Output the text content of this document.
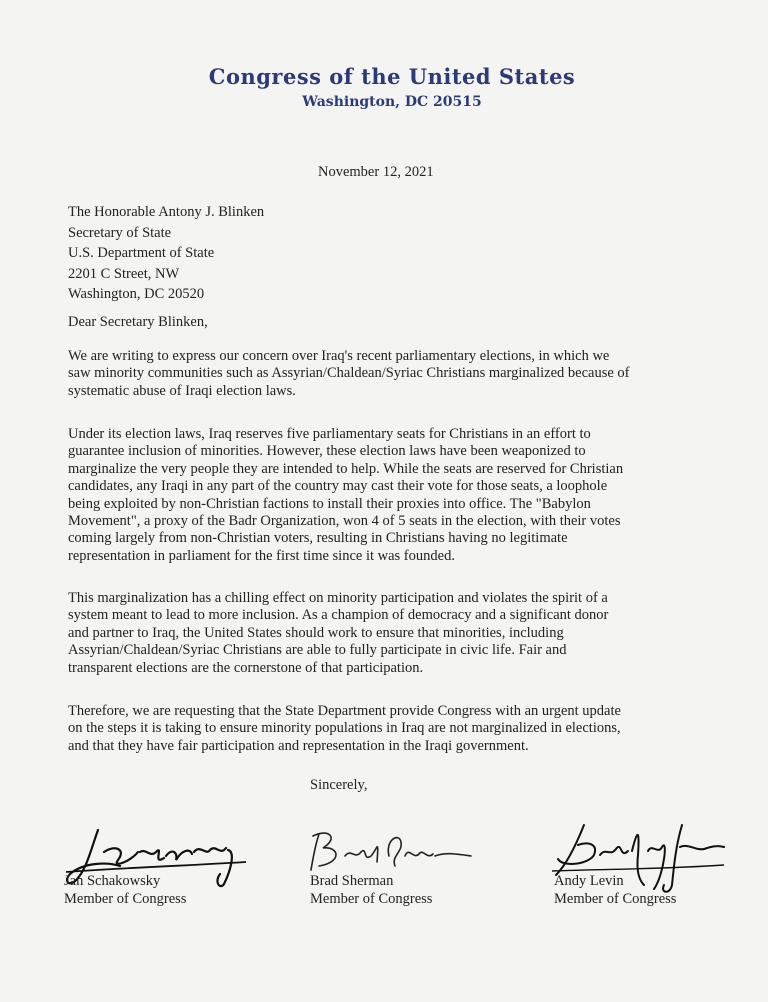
Congress of the United States
Washington, DC 20515
November 12, 2021
The Honorable Antony J. Blinken
Secretary of State
U.S. Department of State
2201 C Street, NW
Washington, DC 20520
Dear Secretary Blinken,
We are writing to express our concern over Iraq's recent parliamentary elections, in which we
saw minority communities such as Assyrian/Chaldean/Syriac Christians marginalized because of
systematic abuse of Iraqi election laws.
Under its election laws, Iraq reserves five parliamentary seats for Christians in an effort to
guarantee inclusion of minorities. However, these election laws have been weaponized to
marginalize the very people they are intended to help. While the seats are reserved for Christian
candidates, any Iraqi in any part of the country may cast their vote for those seats, a loophole
being exploited by non-Christian factions to install their proxies into office. The "Babylon
Movement", a proxy of the Badr Organization, won 4 of 5 seats in the election, with their votes
coming largely from non-Christian voters, resulting in Christians having no legitimate
representation in parliament for the first time since it was founded.
This marginalization has a chilling effect on minority participation and violates the spirit of a
system meant to lead to more inclusion. As a champion of democracy and a significant donor
and partner to Iraq, the United States should work to ensure that minorities, including
Assyrian/Chaldean/Syriac Christians are able to fully participate in civic life. Fair and
transparent elections are the cornerstone of that participation.
Therefore, we are requesting that the State Department provide Congress with an urgent update
on the steps it is taking to ensure minority populations in Iraq are not marginalized in elections,
and that they have fair participation and representation in the Iraqi government.
Sincerely,
Jan Schakowsky
Member of Congress
Brad Sherman
Member of Congress
Andy Levin
Member of Congress
